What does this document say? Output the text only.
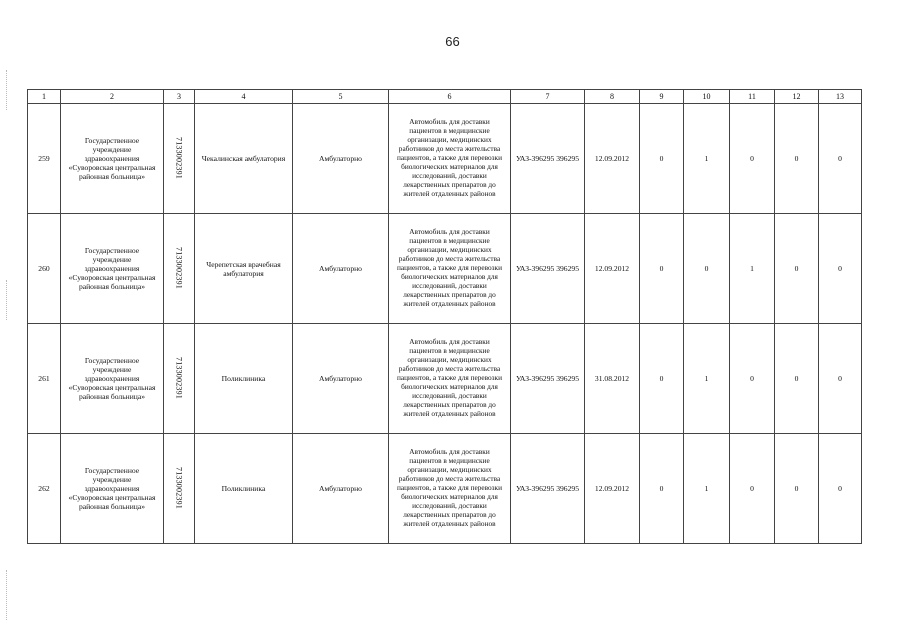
66
1	2	3	4	5	6	7	8	9	10	11	12	13
259	Государственное учреждение здравоохранения «Суворовская центральная районная больница»	7133002391	Чекалинская амбулатория	Амбулаторно	Автомобиль для доставки пациентов в медицинские организации, медицинских работников до места жительства пациентов, а также для перевозки биологических материалов для исследований, доставки лекарственных препаратов до жителей отдаленных районов	УАЗ-396295 396295	12.09.2012	0	1	0	0	0
260	Государственное учреждение здравоохранения «Суворовская центральная районная больница»	7133002391	Черепетская врачебная амбулатория	Амбулаторно	Автомобиль для доставки пациентов в медицинские организации, медицинских работников до места жительства пациентов, а также для перевозки биологических материалов для исследований, доставки лекарственных препаратов до жителей отдаленных районов	УАЗ-396295 396295	12.09.2012	0	0	1	0	0
261	Государственное учреждение здравоохранения «Суворовская центральная районная больница»	7133002391	Поликлиника	Амбулаторно	Автомобиль для доставки пациентов в медицинские организации, медицинских работников до места жительства пациентов, а также для перевозки биологических материалов для исследований, доставки лекарственных препаратов до жителей отдаленных районов	УАЗ-396295 396295	31.08.2012	0	1	0	0	0
262	Государственное учреждение здравоохранения «Суворовская центральная районная больница»	7133002391	Поликлиника	Амбулаторно	Автомобиль для доставки пациентов в медицинские организации, медицинских работников до места жительства пациентов, а также для перевозки биологических материалов для исследований, доставки лекарственных препаратов до жителей отдаленных районов	УАЗ-396295 396295	12.09.2012	0	1	0	0	0
